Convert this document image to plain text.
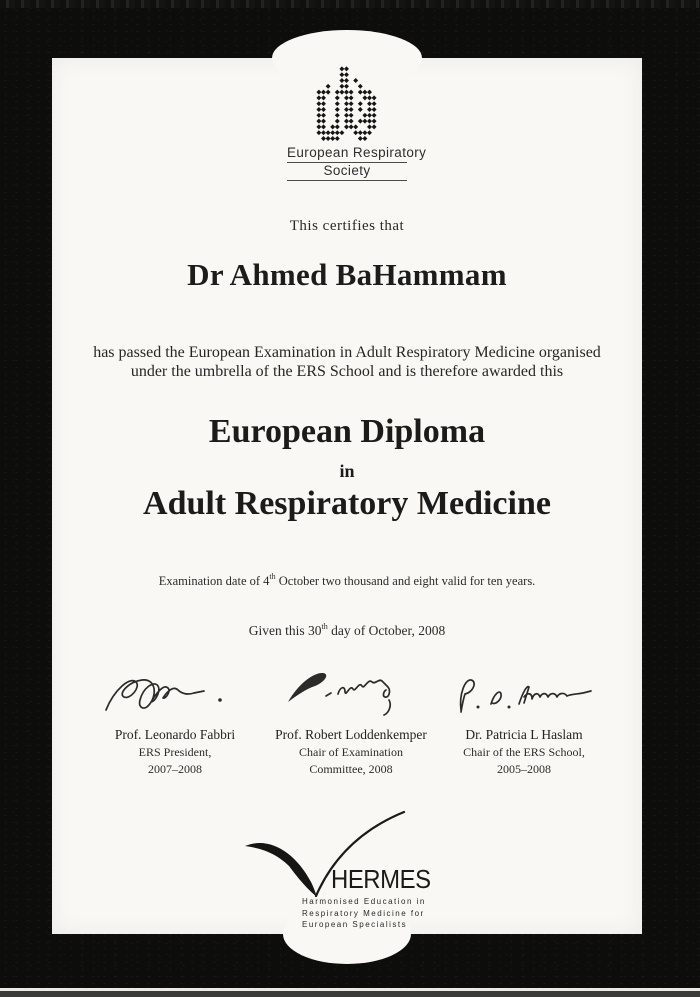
European Respiratory
Society
This certifies that
Dr Ahmed BaHammam
has passed the European Examination in Adult Respiratory Medicine organised
under the umbrella of the ERS School and is therefore awarded this
European Diploma
in
Adult Respiratory Medicine
Examination date of 4th October two thousand and eight valid for ten years.
Given this 30th day of October, 2008
Prof. Leonardo Fabbri
ERS President,
2007–2008
Prof. Robert Loddenkemper
Chair of Examination
Committee, 2008
Dr. Patricia L Haslam
Chair of the ERS School,
2005–2008
HERMES
Harmonised Education in
Respiratory Medicine for
European Specialists
